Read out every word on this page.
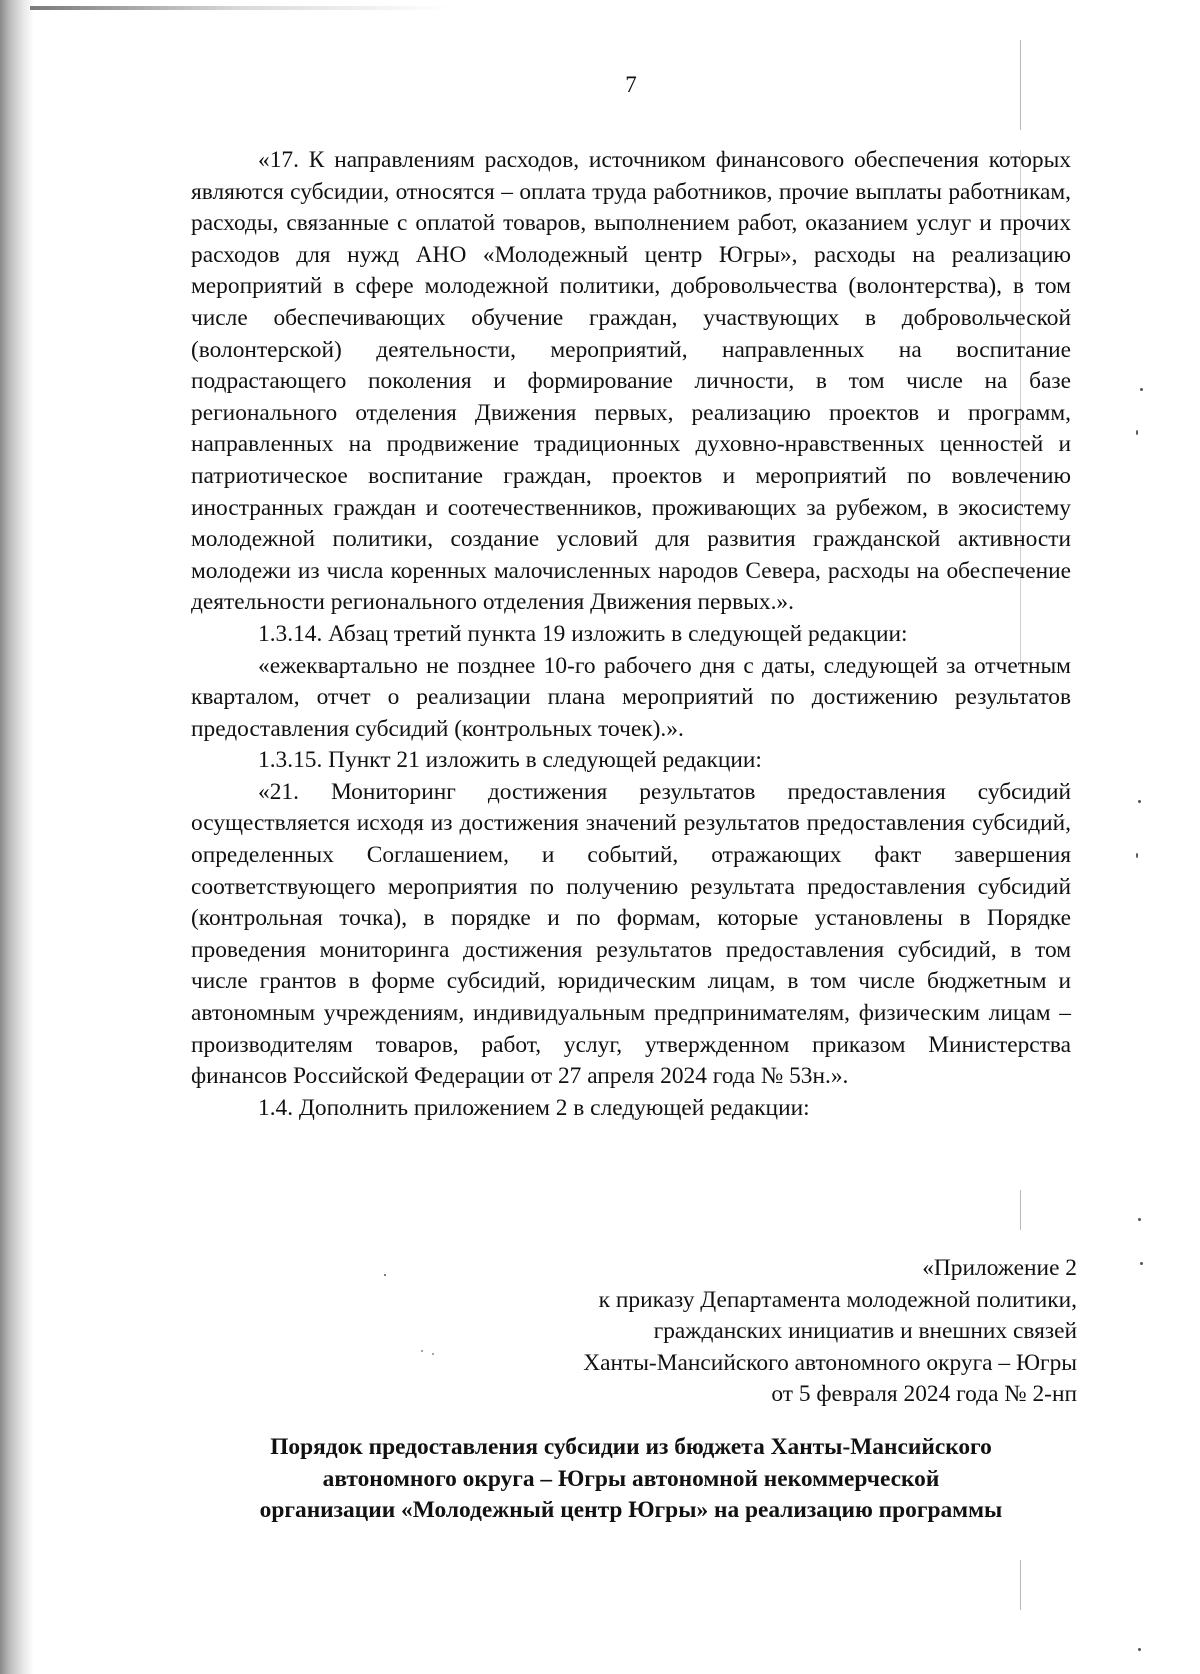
7

«17. К направлениям расходов, источником финансового обеспечения которых являются субсидии, относятся – оплата труда работников, прочие выплаты работникам, расходы, связанные с оплатой товаров, выполнением работ, оказанием услуг и прочих расходов для нужд АНО «Молодежный центр Югры», расходы на реализацию мероприятий в сфере молодежной политики, добровольчества (волонтерства), в том числе обеспечивающих обучение граждан, участвующих в добровольческой (волонтерской) деятельности, мероприятий, направленных на воспитание подрастающего поколения и формирование личности, в том числе на базе регионального отделения Движения первых, реализацию проектов и программ, направленных на продвижение традиционных духовно-нравственных ценностей и патриотическое воспитание граждан, проектов и мероприятий по вовлечению иностранных граждан и соотечественников, проживающих за рубежом, в экосистему молодежной политики, создание условий для развития гражданской активности молодежи из числа коренных малочисленных народов Севера, расходы на обеспечение деятельности регионального отделения Движения первых.».

1.3.14. Абзац третий пункта 19 изложить в следующей редакции:

«ежеквартально не позднее 10-го рабочего дня с даты, следующей за отчетным кварталом, отчет о реализации плана мероприятий по достижению результатов предоставления субсидий (контрольных точек).».

1.3.15. Пункт 21 изложить в следующей редакции:

«21. Мониторинг достижения результатов предоставления субсидий осуществляется исходя из достижения значений результатов предоставления субсидий, определенных Соглашением, и событий, отражающих факт завершения соответствующего мероприятия по получению результата предоставления субсидий (контрольная точка), в порядке и по формам, которые установлены в Порядке проведения мониторинга достижения результатов предоставления субсидий, в том числе грантов в форме субсидий, юридическим лицам, в том числе бюджетным и автономным учреждениям, индивидуальным предпринимателям, физическим лицам – производителям товаров, работ, услуг, утвержденном приказом Министерства финансов Российской Федерации от 27 апреля 2024 года № 53н.».

1.4. Дополнить приложением 2 в следующей редакции:

«Приложение 2
к приказу Департамента молодежной политики,
гражданских инициатив и внешних связей
Ханты-Мансийского автономного округа – Югры
от 5 февраля 2024 года № 2-нп
Порядок предоставления субсидии из бюджета Ханты-Мансийского
автономного округа – Югры автономной некоммерческой
организации «Молодежный центр Югры» на реализацию программы
